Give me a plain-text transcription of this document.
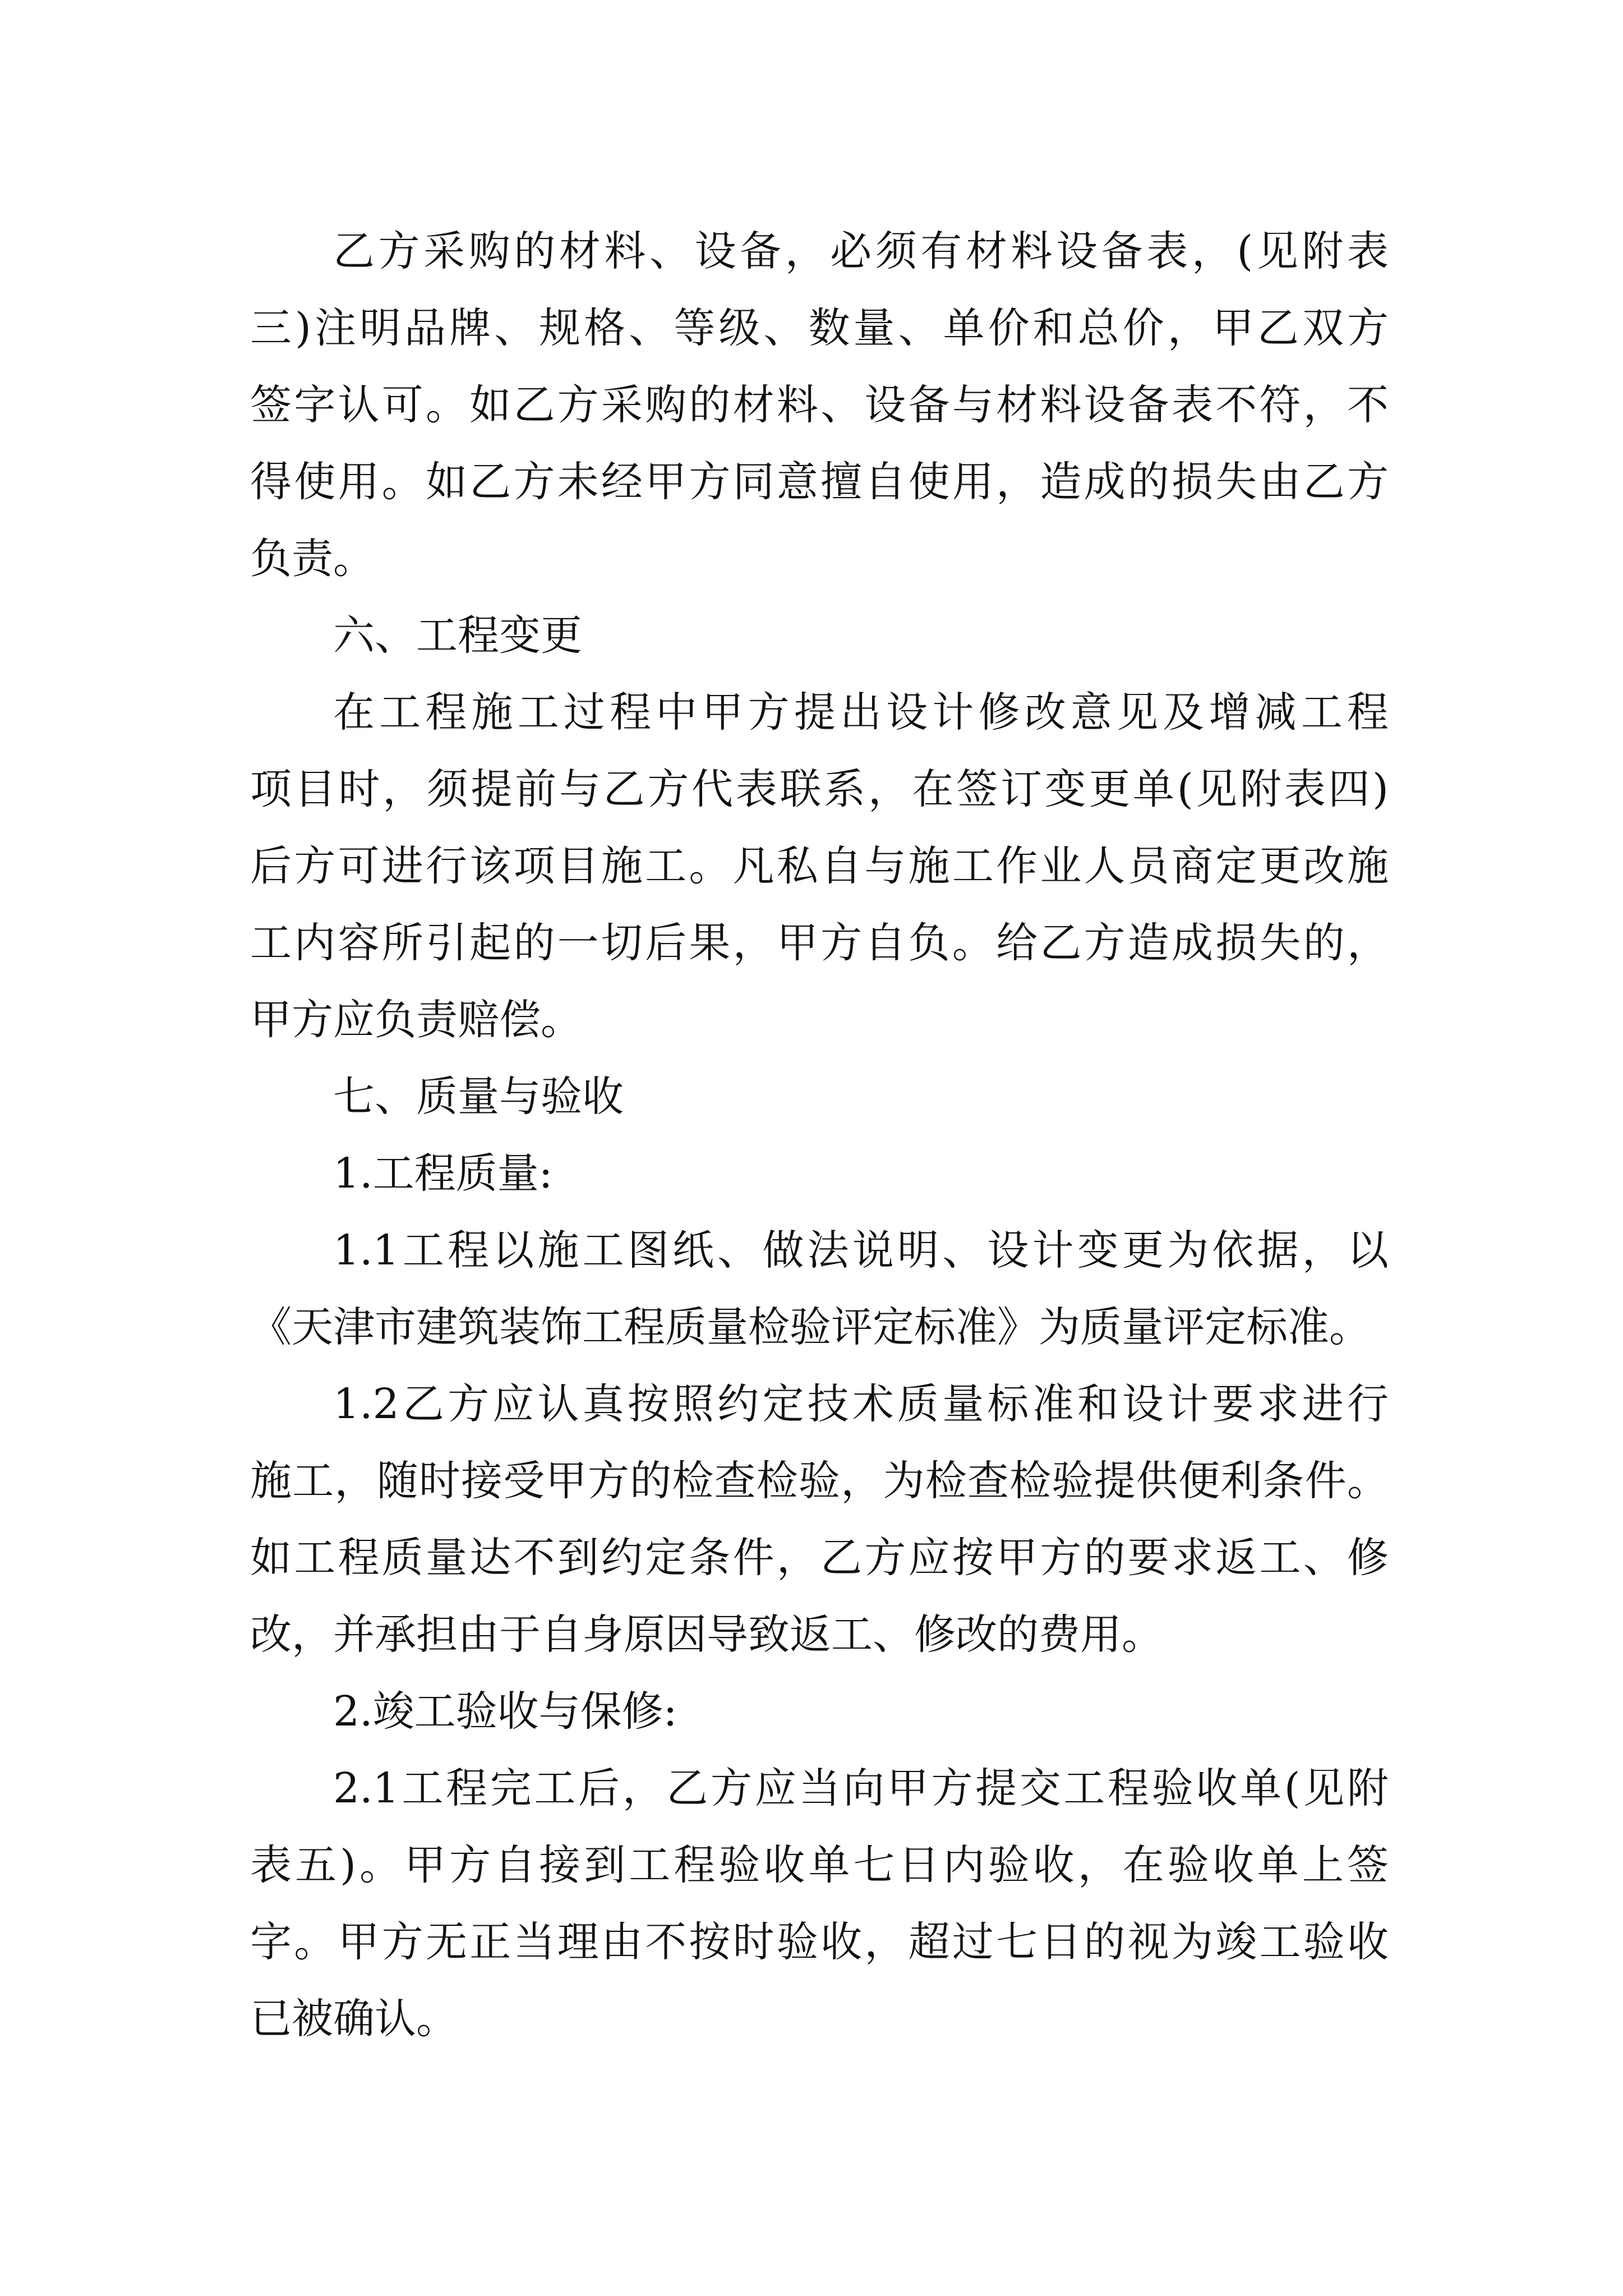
乙方采购的材料、设备，必须有材料设备表，(见附表
三)注明品牌、规格、等级、数量、单价和总价，甲乙双方
签字认可。如乙方采购的材料、设备与材料设备表不符，不
得使用。如乙方未经甲方同意擅自使用，造成的损失由乙方
负责。
六、工程变更
在工程施工过程中甲方提出设计修改意见及增减工程
项目时，须提前与乙方代表联系，在签订变更单(见附表四)
后方可进行该项目施工。凡私自与施工作业人员商定更改施
工内容所引起的一切后果，甲方自负。给乙方造成损失的，
甲方应负责赔偿。
七、质量与验收
1.工程质量:
1.1工程以施工图纸、做法说明、设计变更为依据，以
《天津市建筑装饰工程质量检验评定标准》为质量评定标准。
1.2乙方应认真按照约定技术质量标准和设计要求进行
施工，随时接受甲方的检查检验，为检查检验提供便利条件。
如工程质量达不到约定条件，乙方应按甲方的要求返工、修
改，并承担由于自身原因导致返工、修改的费用。
2.竣工验收与保修:
2.1工程完工后，乙方应当向甲方提交工程验收单(见附
表五)。甲方自接到工程验收单七日内验收，在验收单上签
字。甲方无正当理由不按时验收，超过七日的视为竣工验收
已被确认。
